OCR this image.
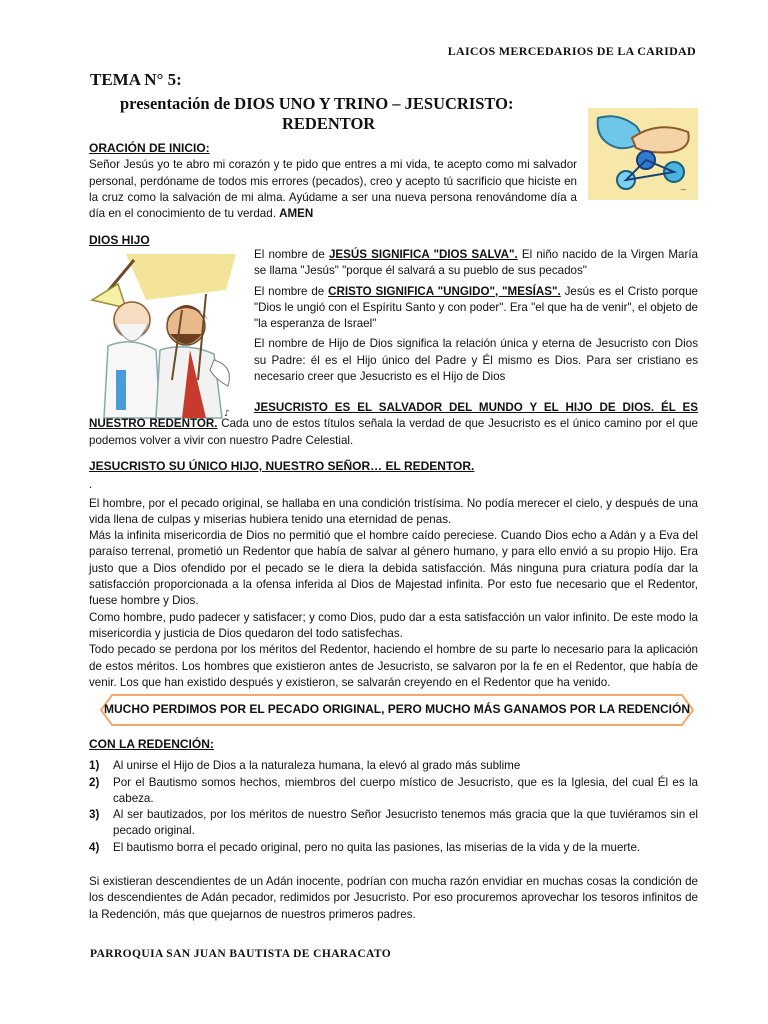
LAICOS MERCEDARIOS DE LA CARIDAD
TEMA N° 5:
presentación de DIOS UNO Y TRINO – JESUCRISTO:
REDENTOR
~
ORACIÓN DE INICIO:
Señor Jesús yo te abro mi corazón y te pido que entres a mi vida, te acepto como mi salvador personal, perdóname de todos mis errores (pecados), creo y acepto tú sacrificio que hiciste en la cruz como la salvación de mi alma. Ayúdame a ser una nueva persona renovándome día a día en el conocimiento de tu verdad. AMEN
DIOS HIJO
♪
El nombre de JESÚS SIGNIFICA "DIOS SALVA". El niño nacido de la Virgen María se llama "Jesús" "porque él salvará a su pueblo de sus pecados"
El nombre de CRISTO SIGNIFICA "UNGIDO", "MESÍAS". Jesús es el Cristo porque "Dios le ungió con el Espíritu Santo y con poder". Era "el que ha de venir", el objeto de "la esperanza de Israel"
El nombre de Hijo de Dios significa la relación única y eterna de Jesucristo con Dios su Padre: él es el Hijo único del Padre y Él mismo es Dios. Para ser cristiano es necesario creer que Jesucristo es el Hijo de Dios
JESUCRISTO ES EL SALVADOR DEL MUNDO Y EL HIJO DE DIOS. ÉL ES NUESTRO REDENTOR. Cada uno de estos títulos señala la verdad de que Jesucristo es el único camino por el que podemos volver a vivir con nuestro Padre Celestial.
JESUCRISTO SU ÚNICO HIJO, NUESTRO SEÑOR… EL REDENTOR.
.
El hombre, por el pecado original, se hallaba en una condición tristísima. No podía merecer el cielo, y después de una vida llena de culpas y miserias hubiera tenido una eternidad de penas.
Más la infinita misericordia de Dios no permitió que el hombre caído pereciese. Cuando Dios echo a Adán y a Eva del paraíso terrenal, prometió un Redentor que había de salvar al género humano, y para ello envió a su propio Hijo. Era justo que a Dios ofendido por el pecado se le diera la debida satisfacción. Más ninguna pura criatura podía dar la satisfacción proporcionada a la ofensa inferida al Dios de Majestad infinita. Por esto fue necesario que el Redentor, fuese hombre y Dios.
Como hombre, pudo padecer y satisfacer; y como Dios, pudo dar a esta satisfacción un valor infinito. De este modo la misericordia y justicia de Dios quedaron del todo satisfechas.
Todo pecado se perdona por los méritos del Redentor, haciendo el hombre de su parte lo necesario para la aplicación de estos méritos. Los hombres que existieron antes de Jesucristo, se salvaron por la fe en el Redentor, que había de venir. Los que han existido después y existieron, se salvarán creyendo en el Redentor que ha venido.
MUCHO PERDIMOS POR EL PECADO ORIGINAL, PERO MUCHO MÁS GANAMOS POR LA REDENCIÓN
CON LA REDENCIÓN:
1) Al unirse el Hijo de Dios a la naturaleza humana, la elevó al grado más sublime
2) Por el Bautismo somos hechos, miembros del cuerpo místico de Jesucristo, que es la Iglesia, del cual Él es la cabeza.
3) Al ser bautizados, por los méritos de nuestro Señor Jesucristo tenemos más gracia que la que tuviéramos sin el pecado original.
4) El bautismo borra el pecado original, pero no quita las pasiones, las miserias de la vida y de la muerte.
Si existieran descendientes de un Adán inocente, podrían con mucha razón envidiar en muchas cosas la condición de los descendientes de Adán pecador, redimidos por Jesucristo. Por eso procuremos aprovechar los tesoros infinitos de la Redención, más que quejarnos de nuestros primeros padres.
PARROQUIA SAN JUAN BAUTISTA DE CHARACATO
